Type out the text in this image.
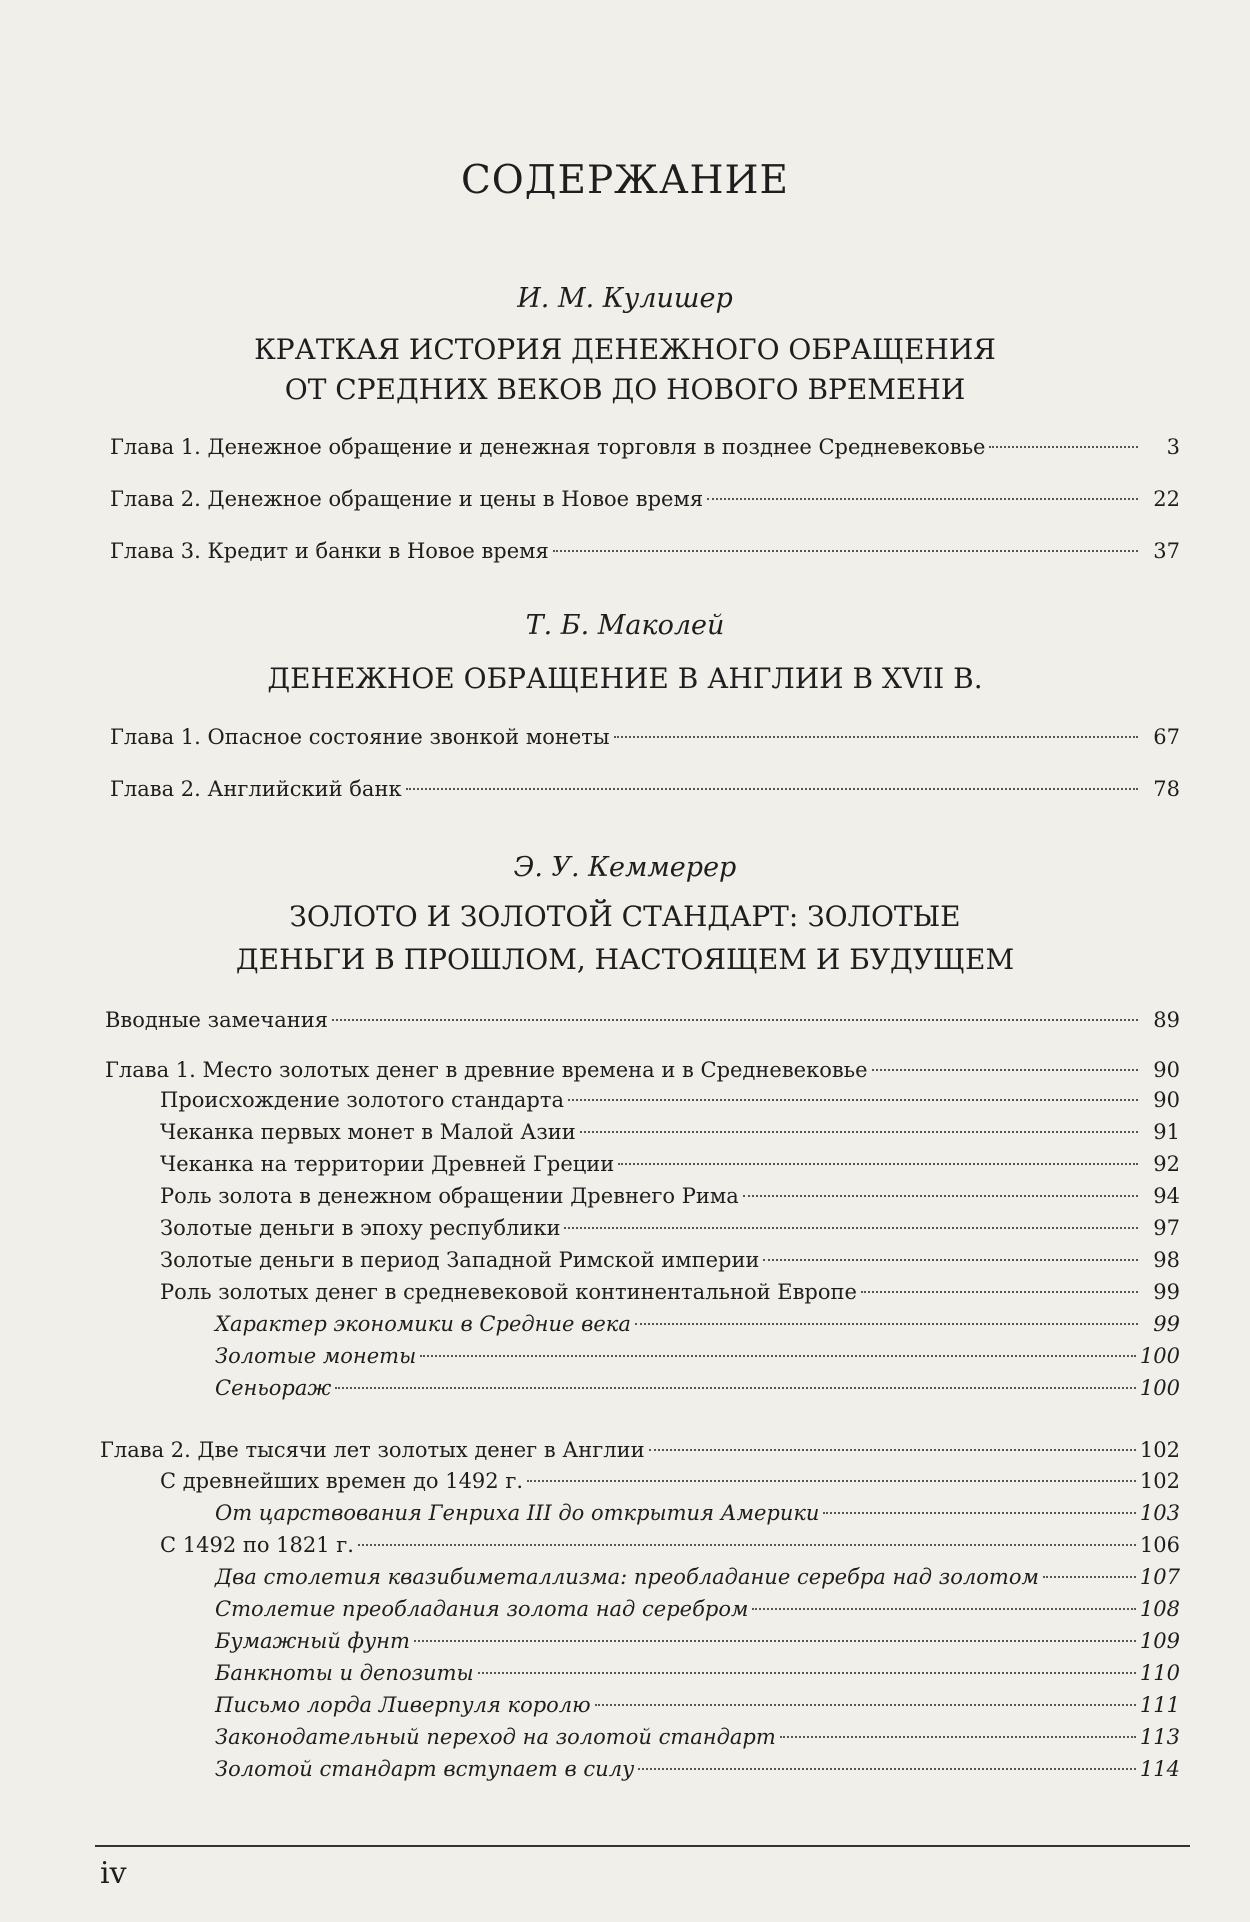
СОДЕРЖАНИЕ
И. М. Кулишер
КРАТКАЯ ИСТОРИЯ ДЕНЕЖНОГО ОБРАЩЕНИЯ
ОТ СРЕДНИХ ВЕКОВ ДО НОВОГО ВРЕМЕНИ
Глава 1. Денежное обращение и денежная торговля в позднее Средневековье	3
Глава 2. Денежное обращение и цены в Новое время	22
Глава 3. Кредит и банки в Новое время	37
Т. Б. Маколей
ДЕНЕЖНОЕ ОБРАЩЕНИЕ В АНГЛИИ В XVII В.
Глава 1. Опасное состояние звонкой монеты	67
Глава 2. Английский банк	78
Э. У. Кеммерер
ЗОЛОТО И ЗОЛОТОЙ СТАНДАРТ: ЗОЛОТЫЕ
ДЕНЬГИ В ПРОШЛОМ, НАСТОЯЩЕМ И БУДУЩЕМ
Вводные замечания	89
Глава 1. Место золотых денег в древние времена и в Средневековье	90
Происхождение золотого стандарта	90
Чеканка первых монет в Малой Азии	91
Чеканка на территории Древней Греции	92
Роль золота в денежном обращении Древнего Рима	94
Золотые деньги в эпоху республики	97
Золотые деньги в период Западной Римской империи	98
Роль золотых денег в средневековой континентальной Европе	99
Характер экономики в Средние века	99
Золотые монеты	100
Сеньораж	100
Глава 2. Две тысячи лет золотых денег в Англии	102
С древнейших времен до 1492 г.	102
От царствования Генриха III до открытия Америки	103
С 1492 по 1821 г.	106
Два столетия квазибиметаллизма: преобладание серебра над золотом	107
Столетие преобладания золота над серебром	108
Бумажный фунт	109
Банкноты и депозиты	110
Письмо лорда Ливерпуля королю	111
Законодательный переход на золотой стандарт	113
Золотой стандарт вступает в силу	114
iv
